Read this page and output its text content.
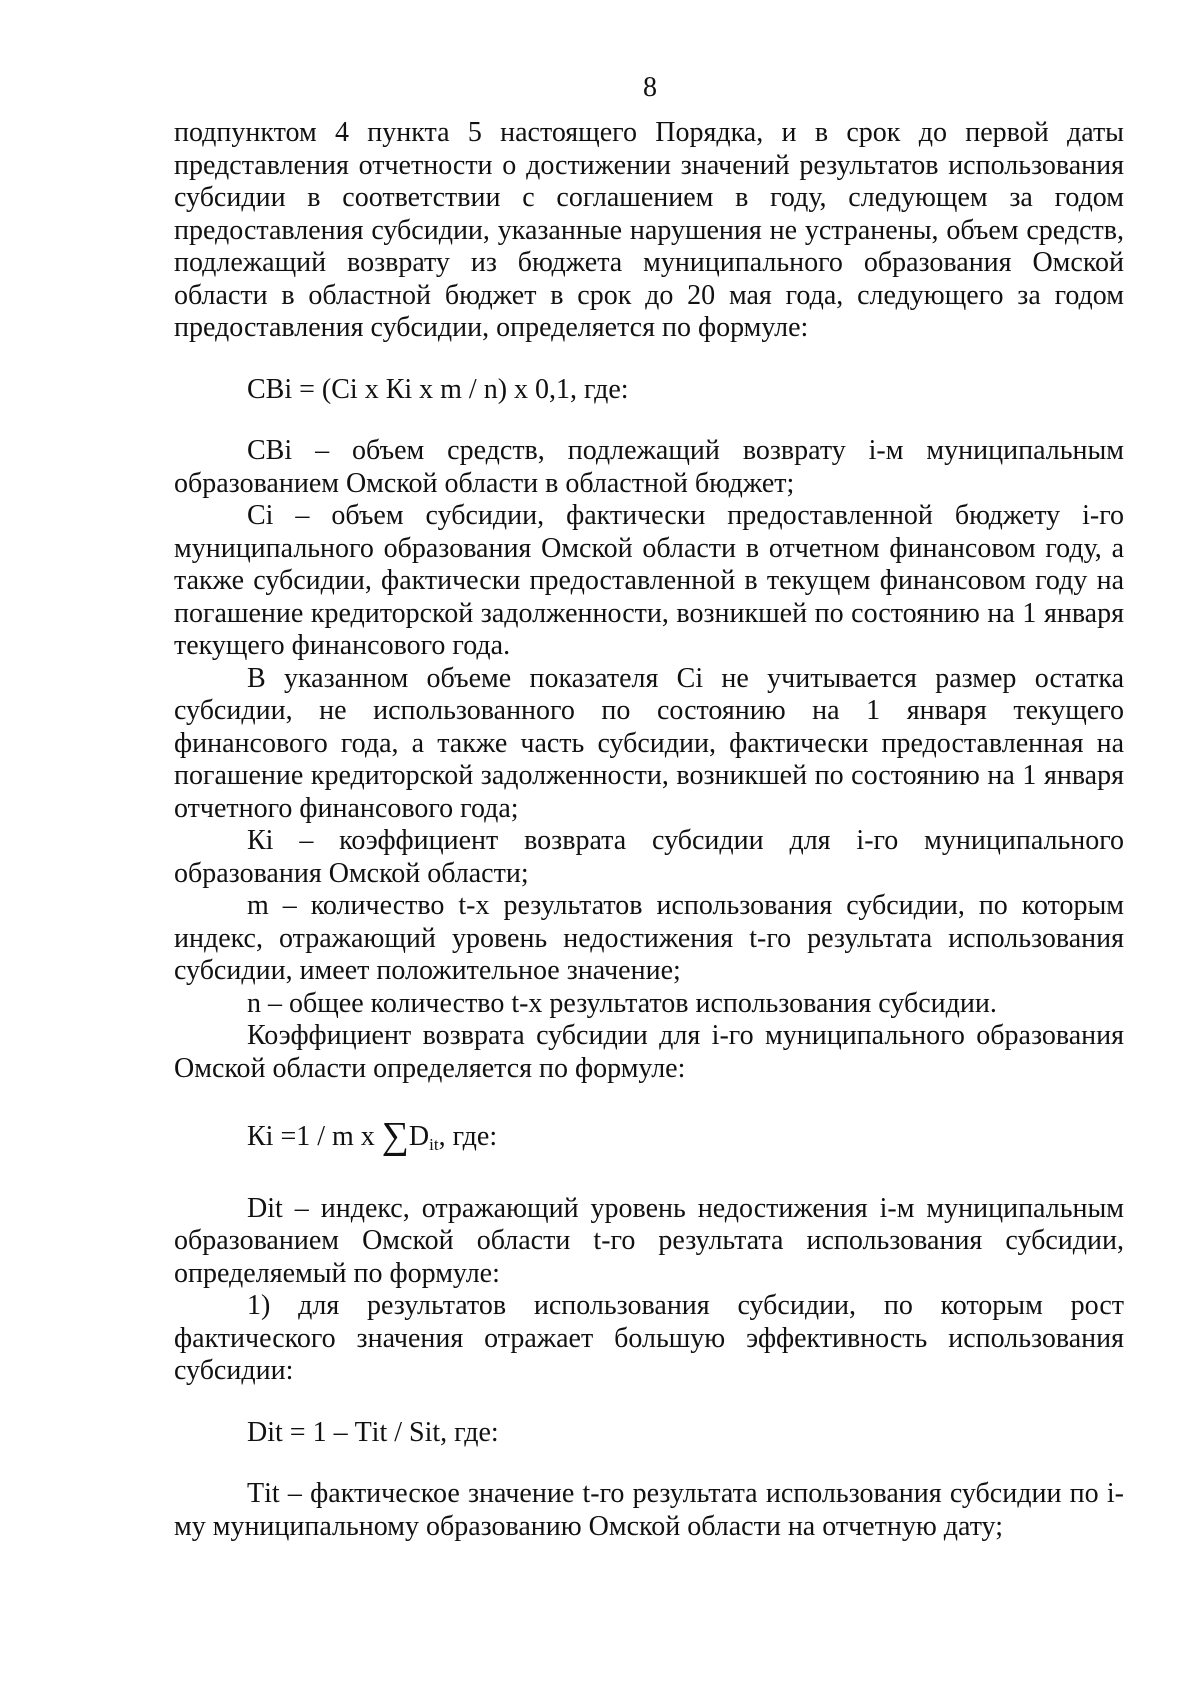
8

подпунктом 4 пункта 5 настоящего Порядка, и в срок до первой даты представления отчетности о достижении значений результатов использования субсидии в соответствии с соглашением в году, следующем за годом предоставления субсидии, указанные нарушения не устранены, объем средств, подлежащий возврату из бюджета муниципального образования Омской области в областной бюджет в срок до 20 мая года, следующего за годом предоставления субсидии, определяется по формуле:

СВi = (Сi х Кi х m / n) х 0,1, где:

СВi – объем средств, подлежащий возврату i-м муниципальным образованием Омской области в областной бюджет;

Сi – объем субсидии, фактически предоставленной бюджету i-го муниципального образования Омской области в отчетном финансовом году, а также субсидии, фактически предоставленной в текущем финансовом году на погашение кредиторской задолженности, возникшей по состоянию на 1 января текущего финансового года.

В указанном объеме показателя Сi не учитывается размер остатка субсидии, не использованного по состоянию на 1 января текущего финансового года, а также часть субсидии, фактически предоставленная на погашение кредиторской задолженности, возникшей по состоянию на 1 января отчетного финансового года;

Кi – коэффициент возврата субсидии для i-го муниципального образования Омской области;

m – количество t-х результатов использования субсидии, по которым индекс, отражающий уровень недостижения t-го результата использования субсидии, имеет положительное значение;

n – общее количество t-х результатов использования субсидии.

Коэффициент возврата субсидии для i-го муниципального образования Омской области определяется по формуле:

Кi =1 / m х ∑Dit, где:

Dit – индекс, отражающий уровень недостижения i-м муниципальным образованием Омской области t-го результата использования субсидии, определяемый по формуле:

1) для результатов использования субсидии, по которым рост фактического значения отражает большую эффективность использования субсидии:

Dit = 1 – Тit / Sit, где:

Тit – фактическое значение t-го результата использования субсидии по i-му муниципальному образованию Омской области на отчетную дату;
